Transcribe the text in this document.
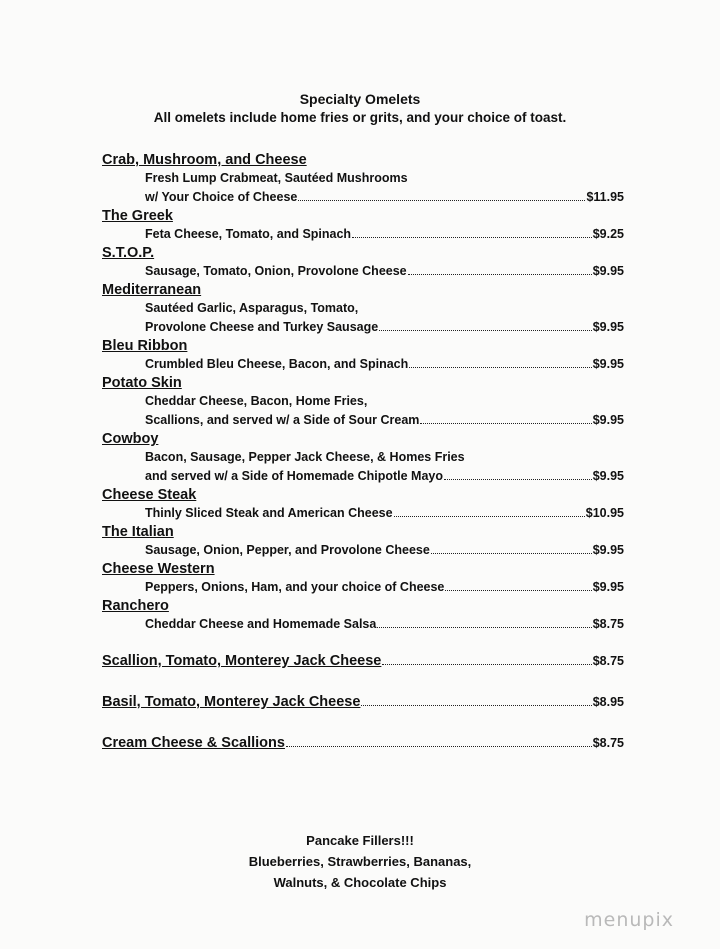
Specialty Omelets
All omelets include home fries or grits, and your choice of toast.
Crab, Mushroom, and Cheese
Fresh Lump Crabmeat, Sautéed Mushrooms
w/ Your Choice of Cheese	$11.95
The Greek
Feta Cheese, Tomato, and Spinach	$9.25
S.T.O.P.
Sausage, Tomato, Onion, Provolone Cheese	$9.95
Mediterranean
Sautéed Garlic, Asparagus, Tomato,
Provolone Cheese and Turkey Sausage	$9.95
Bleu Ribbon
Crumbled Bleu Cheese, Bacon, and Spinach	$9.95
Potato Skin
Cheddar Cheese, Bacon, Home Fries,
Scallions, and served w/ a Side of Sour Cream	$9.95
Cowboy
Bacon, Sausage, Pepper Jack Cheese, & Homes Fries
and served w/ a Side of Homemade Chipotle Mayo	$9.95
Cheese Steak
Thinly Sliced Steak and American Cheese	$10.95
The Italian
Sausage, Onion, Pepper, and Provolone Cheese	$9.95
Cheese Western
Peppers, Onions, Ham, and your choice of Cheese	$9.95
Ranchero
Cheddar Cheese and Homemade Salsa	$8.75
Scallion, Tomato, Monterey Jack Cheese	$8.75
Basil, Tomato, Monterey Jack Cheese	$8.95
Cream Cheese & Scallions	$8.75
Pancake Fillers!!!
Blueberries, Strawberries, Bananas,
Walnuts, & Chocolate Chips
menupix
